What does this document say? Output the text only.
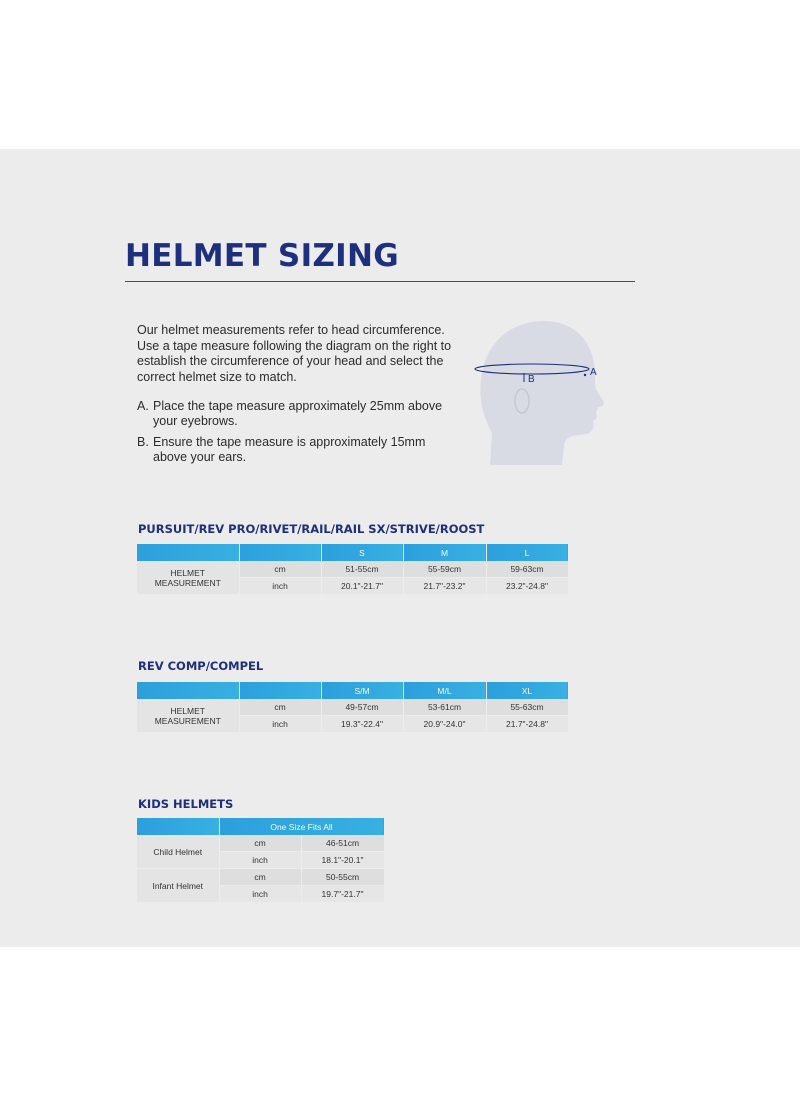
HELMET SIZING

Our helmet measurements refer to head circumference. Use a tape measure following the diagram on the right to establish the circumference of your head and select the correct helmet size to match.

A. Place the tape measure approximately 25mm above your eyebrows.
B. Ensure the tape measure is approximately 15mm above your ears.
B
A
PURSUIT/REV PRO/RIVET/RAIL/RAIL SX/STRIVE/ROOST
		S	M	L
HELMET MEASUREMENT	cm	51-55cm	55-59cm	59-63cm
	inch	20.1"-21.7"	21.7"-23.2"	23.2"-24.8"
REV COMP/COMPEL
		S/M	M/L	XL
HELMET MEASUREMENT	cm	49-57cm	53-61cm	55-63cm
	inch	19.3"-22.4"	20.9"-24.0"	21.7"-24.8"
KIDS HELMETS
	One Size Fits All	
Child Helmet	cm	46-51cm
	inch	18.1"-20.1"
Infant Helmet	cm	50-55cm
	inch	19.7"-21.7"
